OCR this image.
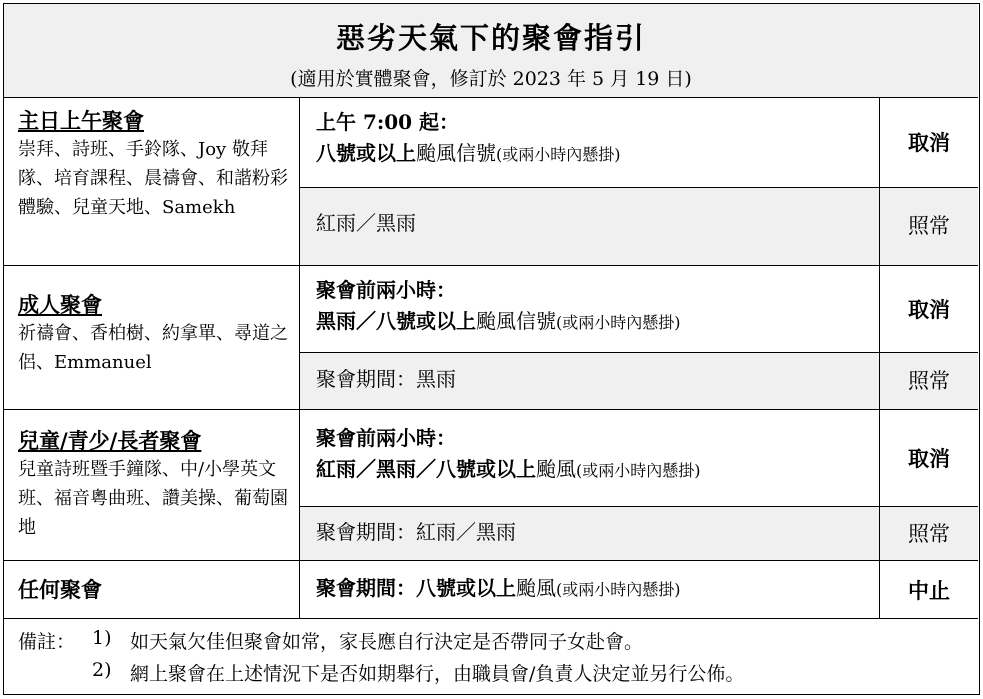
惡劣天氣下的聚會指引
(適用於實體聚會，修訂於 2023 年 5 月 19 日)
主日上午聚會
崇拜、詩班、手鈴隊、Joy 敬拜隊、培育課程、晨禱會、和諧粉彩體驗、兒童天地、Samekh
上午 7:00 起：
八號或以上颱風信號(或兩小時內懸掛)
紅雨／黑雨
取消
照常
成人聚會
祈禱會、香柏樹、約拿單、尋道之侶、Emmanuel
聚會前兩小時：
黑雨／八號或以上颱風信號(或兩小時內懸掛)
聚會期間：黑雨
取消
照常
兒童/青少/長者聚會
兒童詩班暨手鐘隊、中/小學英文班、福音粵曲班、讚美操、葡萄園地
聚會前兩小時：
紅雨／黑雨／八號或以上颱風(或兩小時內懸掛)
聚會期間：紅雨／黑雨
取消
照常
任何聚會	聚會期間：八號或以上颱風(或兩小時內懸掛)	中止
備註： 1) 如天氣欠佳但聚會如常，家長應自行決定是否帶同子女赴會。
2) 網上聚會在上述情況下是否如期舉行，由職員會/負責人決定並另行公佈。
